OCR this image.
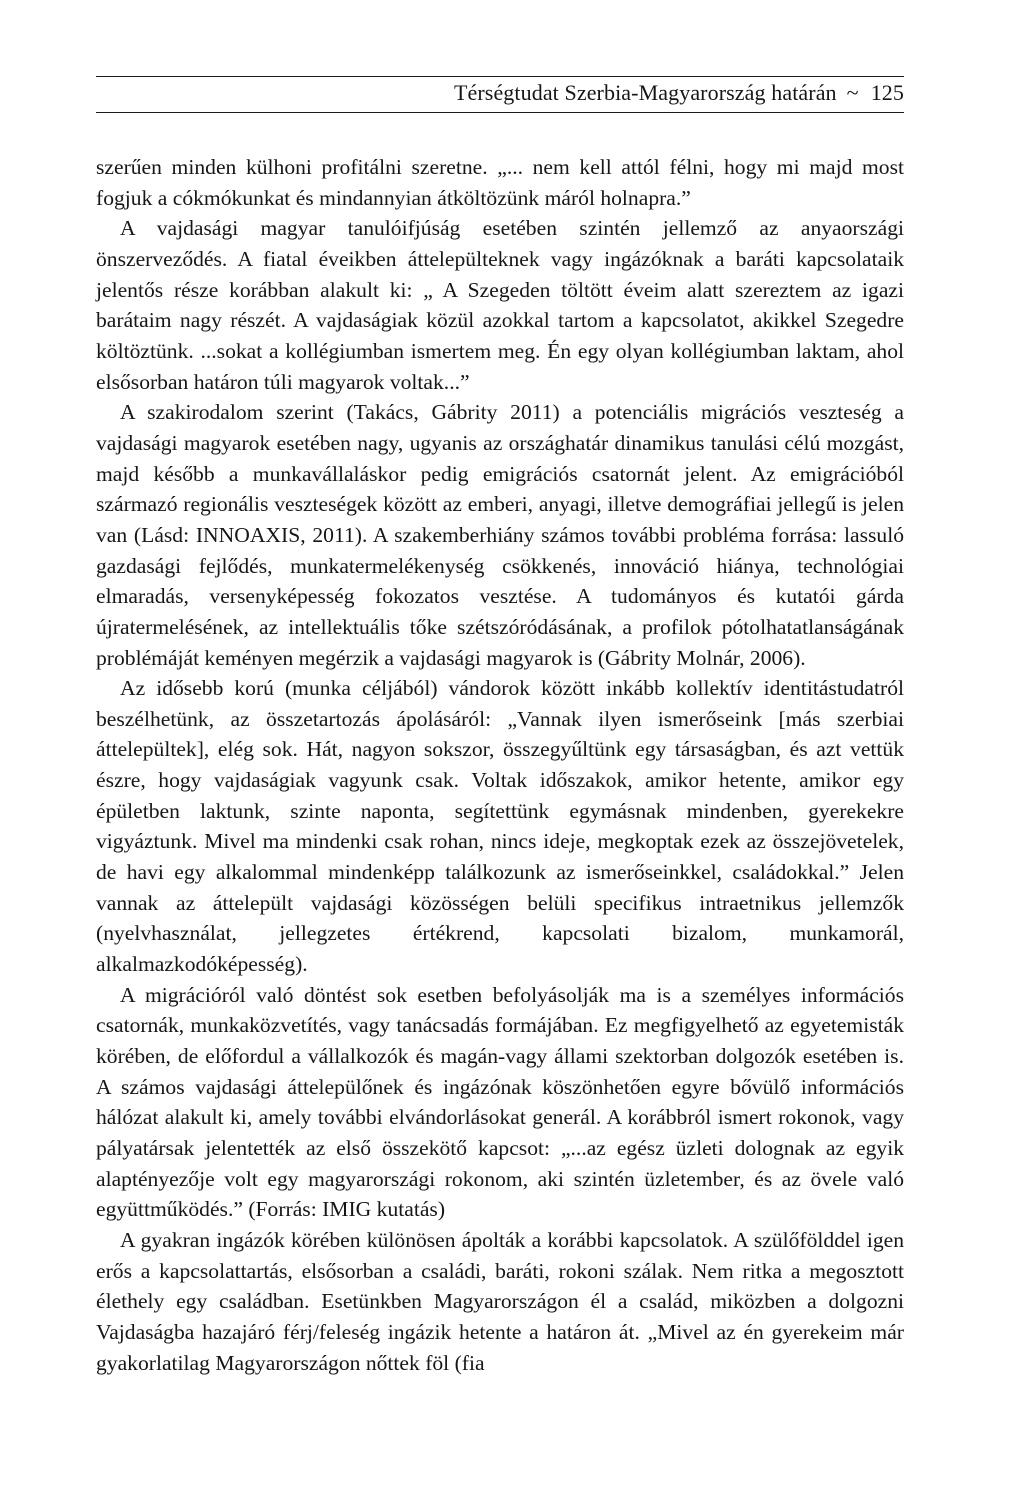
Térségtudat Szerbia-Magyarország határán ~ 125

szerűen minden külhoni profitálni szeretne. „... nem kell attól félni, hogy mi majd most fogjuk a cókmókunkat és mindannyian átköltözünk máról holnapra.”

A vajdasági magyar tanulóifjúság esetében szintén jellemző az anyaországi önszerveződés. A fiatal éveikben áttelepülteknek vagy ingázóknak a baráti kapcsolataik jelentős része korábban alakult ki: „ A Szegeden töltött éveim alatt szereztem az igazi barátaim nagy részét. A vajdaságiak közül azokkal tartom a kapcsolatot, akikkel Szegedre költöztünk. ...sokat a kollégiumban ismertem meg. Én egy olyan kollégiumban laktam, ahol elsősorban határon túli magyarok voltak...”

A szakirodalom szerint (Takács, Gábrity 2011) a potenciális migrációs veszteség a vajdasági magyarok esetében nagy, ugyanis az országhatár dinamikus tanulási célú mozgást, majd később a munkavállaláskor pedig emigrációs csatornát jelent. Az emigrációból származó regionális veszteségek között az emberi, anyagi, illetve demográfiai jellegű is jelen van (Lásd: INNOAXIS, 2011). A szakemberhiány számos további probléma forrása: lassuló gazdasági fejlődés, munkatermelékenység csökkenés, innováció hiánya, technológiai elmaradás, versenyképesség fokozatos vesztése. A tudományos és kutatói gárda újratermelésének, az intellektuális tőke szétszóródásának, a profilok pótolhatatlanságának problémáját keményen megérzik a vajdasági magyarok is (Gábrity Molnár, 2006).

Az idősebb korú (munka céljából) vándorok között inkább kollektív identitástudatról beszélhetünk, az összetartozás ápolásáról: „Vannak ilyen ismerőseink [más szerbiai áttelepültek], elég sok. Hát, nagyon sokszor, összegyűltünk egy társaságban, és azt vettük észre, hogy vajdaságiak vagyunk csak. Voltak időszakok, amikor hetente, amikor egy épületben laktunk, szinte naponta, segítettünk egymásnak mindenben, gyerekekre vigyáztunk. Mivel ma mindenki csak rohan, nincs ideje, megkoptak ezek az összejövetelek, de havi egy alkalommal mindenképp találkozunk az ismerőseinkkel, családokkal.” Jelen vannak az áttelepült vajdasági közösségen belüli specifikus intraetnikus jellemzők (nyelvhasználat, jellegzetes értékrend, kapcsolati bizalom, munkamorál, alkalmazkodóképesség).

A migrációról való döntést sok esetben befolyásolják ma is a személyes információs csatornák, munkaközvetítés, vagy tanácsadás formájában. Ez megfigyelhető az egyetemisták körében, de előfordul a vállalkozók és magán-vagy állami szektorban dolgozók esetében is. A számos vajdasági áttelepülőnek és ingázónak köszönhetően egyre bővülő információs hálózat alakult ki, amely további elvándorlásokat generál. A korábbról ismert rokonok, vagy pályatársak jelentették az első összekötő kapcsot: „...az egész üzleti dolognak az egyik alaptényezője volt egy magyarországi rokonom, aki szintén üzletember, és az övele való együttműködés.” (Forrás: IMIG kutatás)

A gyakran ingázók körében különösen ápolták a korábbi kapcsolatok. A szülőfölddel igen erős a kapcsolattartás, elsősorban a családi, baráti, rokoni szálak. Nem ritka a megosztott élethely egy családban. Esetünkben Magyarországon él a család, miközben a dolgozni Vajdaságba hazajáró férj/feleség ingázik hetente a határon át. „Mivel az én gyerekeim már gyakorlatilag Magyarországon nőttek föl (fia
